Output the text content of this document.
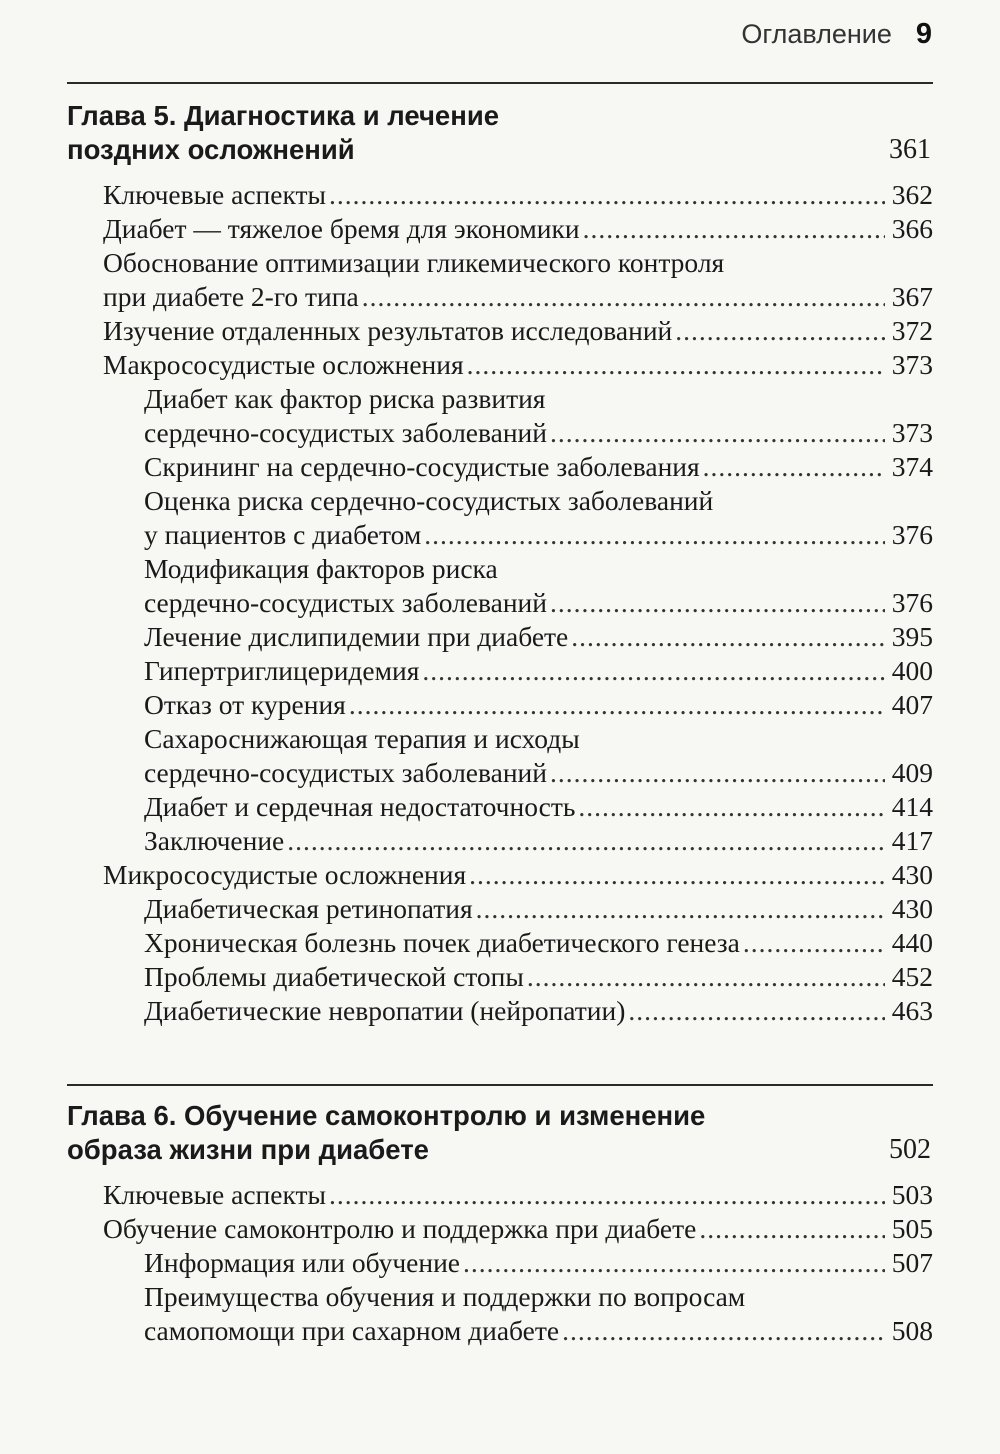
Оглавление 9
Глава 5. Диагностика и лечение
поздних осложнений	361
Ключевые аспекты .....	362
Диабет — тяжелое бремя для экономики .....	366
Обоснование оптимизации гликемического контроля
при диабете 2-го типа .....	367
Изучение отдаленных результатов исследований .....	372
Макрососудистые осложнения .....	373
Диабет как фактор риска развития
сердечно-сосудистых заболеваний .....	373
Скрининг на сердечно-сосудистые заболевания .....	374
Оценка риска сердечно-сосудистых заболеваний
у пациентов с диабетом .....	376
Модификация факторов риска
сердечно-сосудистых заболеваний .....	376
Лечение дислипидемии при диабете .....	395
Гипертриглицеридемия .....	400
Отказ от курения .....	407
Сахароснижающая терапия и исходы
сердечно-сосудистых заболеваний .....	409
Диабет и сердечная недостаточность .....	414
Заключение .....	417
Микрососудистые осложнения .....	430
Диабетическая ретинопатия .....	430
Хроническая болезнь почек диабетического генеза .....	440
Проблемы диабетической стопы .....	452
Диабетические невропатии (нейропатии) .....	463
Глава 6. Обучение самоконтролю и изменение
образа жизни при диабете	502
Ключевые аспекты .....	503
Обучение самоконтролю и поддержка при диабете .....	505
Информация или обучение .....	507
Преимущества обучения и поддержки по вопросам
самопомощи при сахарном диабете .....	508
